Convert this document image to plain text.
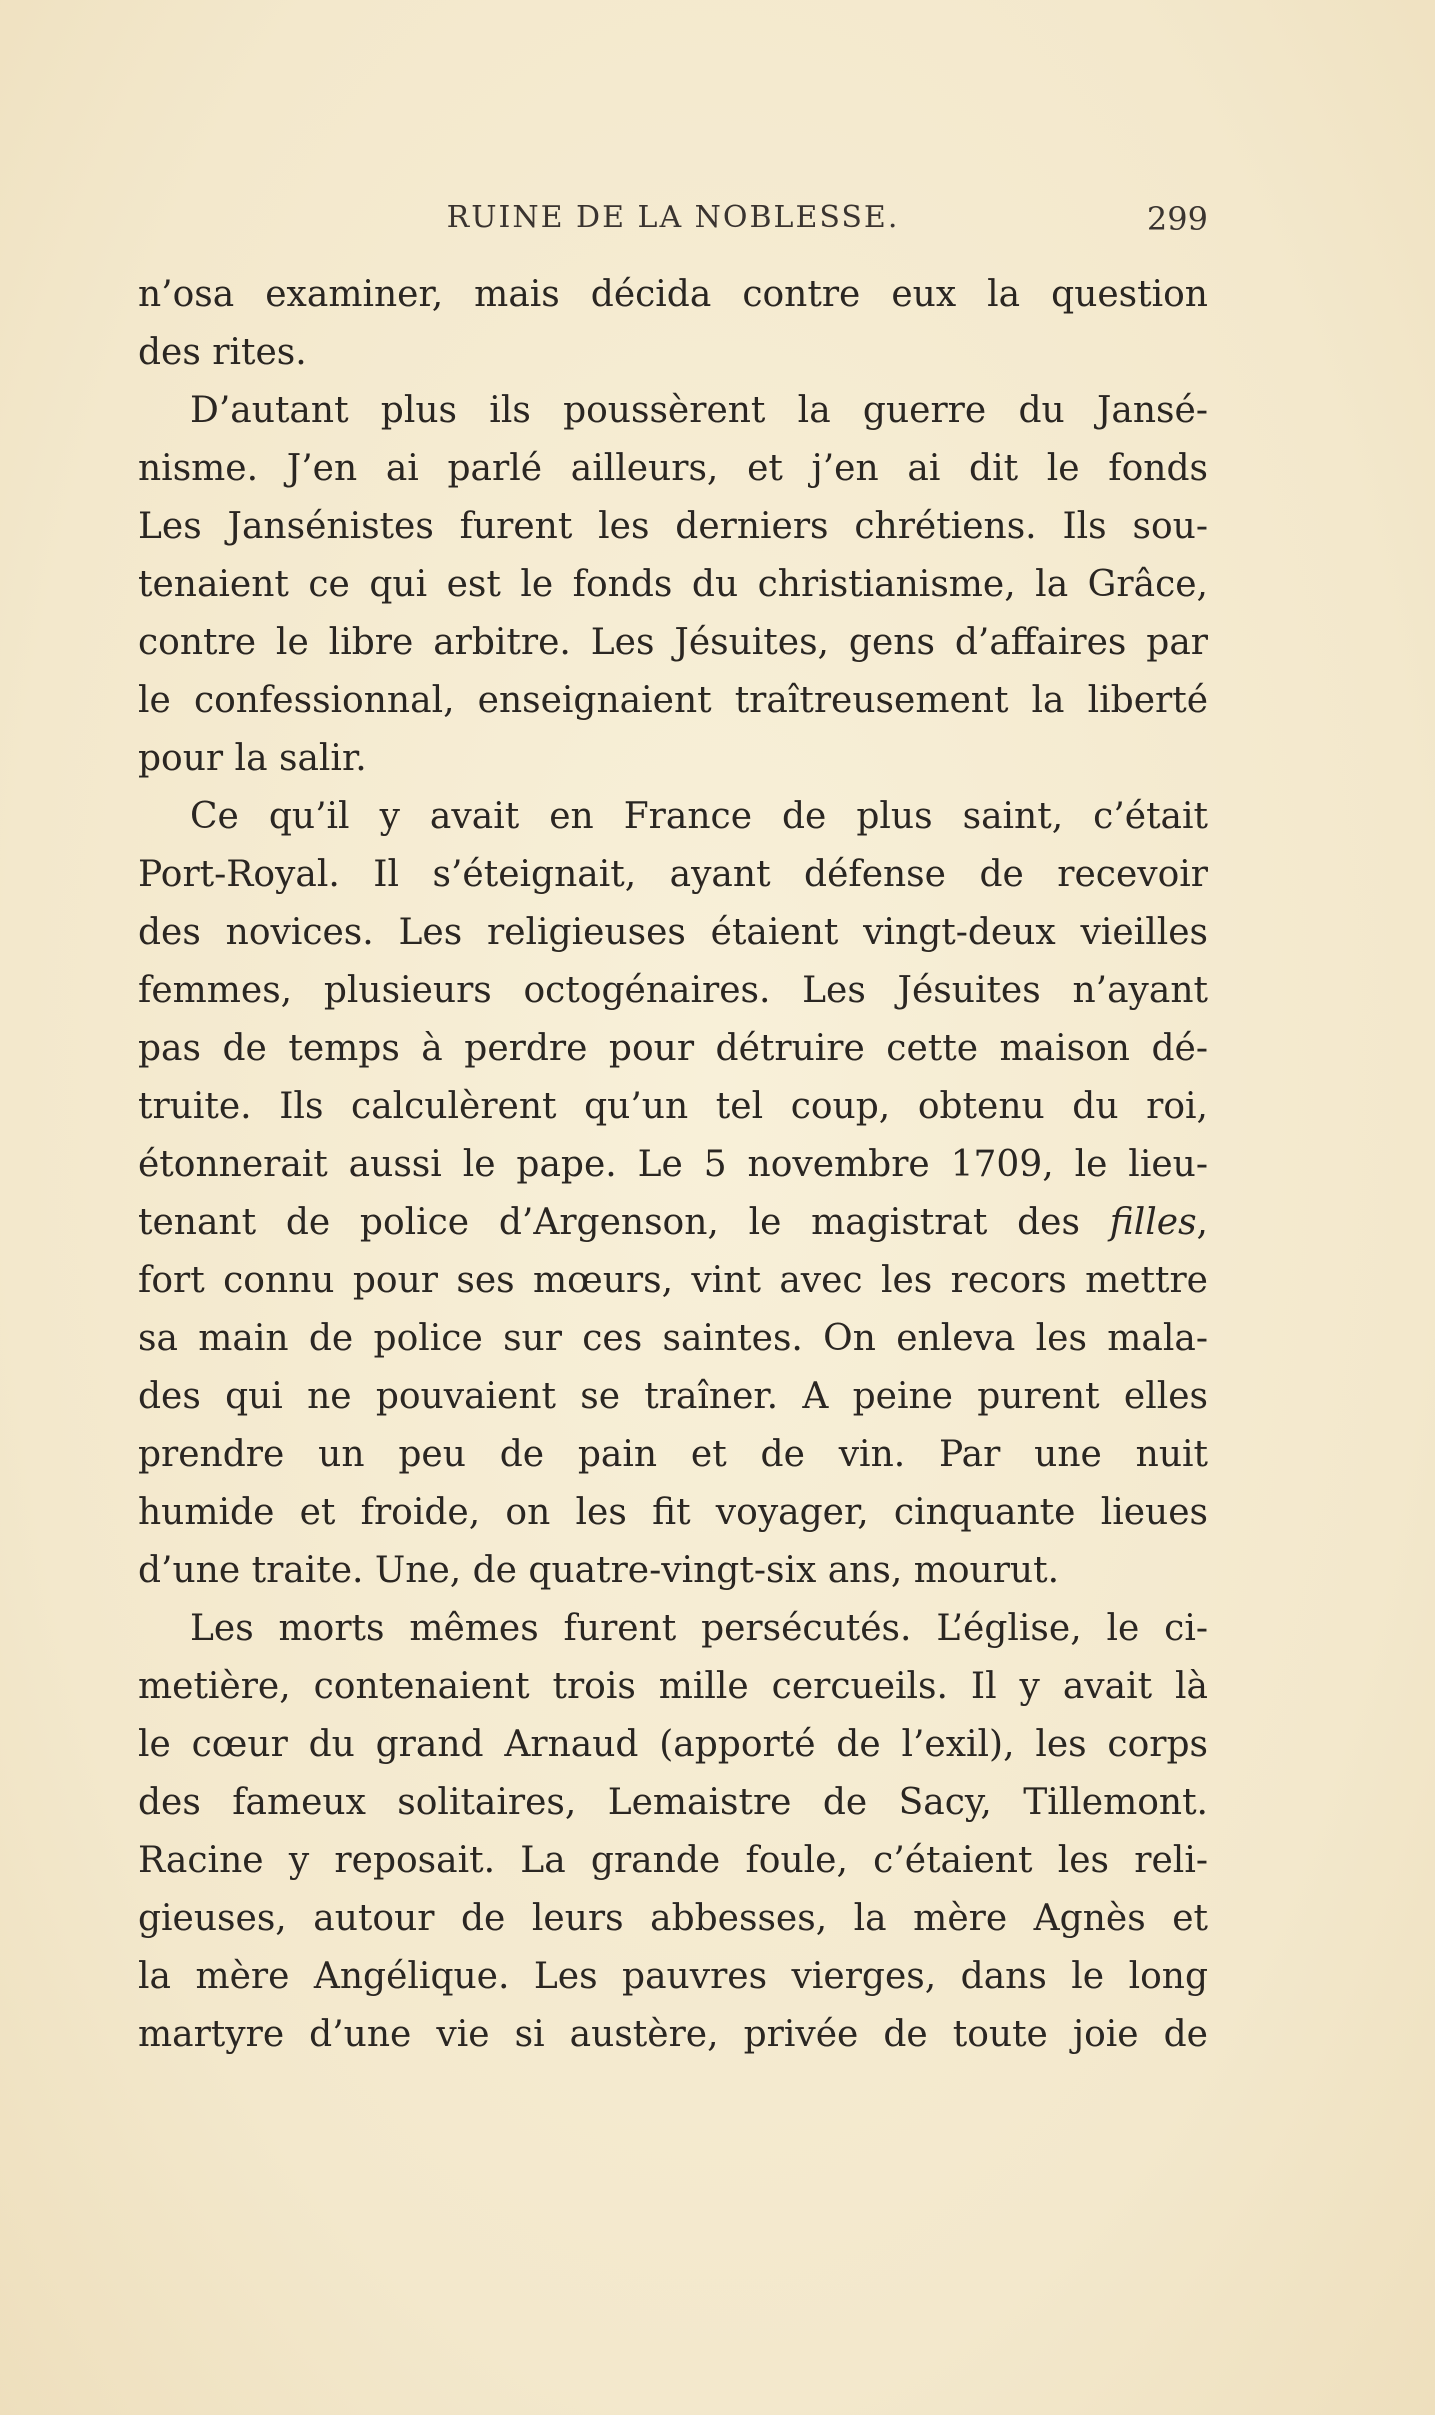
RUINE DE LA NOBLESSE.	299
n’osa examiner, mais décida contre eux la question
des rites.
D’autant plus ils poussèrent la guerre du Jansé-
nisme. J’en ai parlé ailleurs, et j’en ai dit le fonds
Les Jansénistes furent les derniers chrétiens. Ils sou-
tenaient ce qui est le fonds du christianisme, la Grâce,
contre le libre arbitre. Les Jésuites, gens d’affaires par
le confessionnal, enseignaient traîtreusement la liberté
pour la salir.
Ce qu’il y avait en France de plus saint, c’était
Port-Royal. Il s’éteignait, ayant défense de recevoir
des novices. Les religieuses étaient vingt-deux vieilles
femmes, plusieurs octogénaires. Les Jésuites n’ayant
pas de temps à perdre pour détruire cette maison dé-
truite. Ils calculèrent qu’un tel coup, obtenu du roi,
étonnerait aussi le pape. Le 5 novembre 1709, le lieu-
tenant de police d’Argenson, le magistrat des filles,
fort connu pour ses mœurs, vint avec les recors mettre
sa main de police sur ces saintes. On enleva les mala-
des qui ne pouvaient se traîner. A peine purent elles
prendre un peu de pain et de vin. Par une nuit
humide et froide, on les fit voyager, cinquante lieues
d’une traite. Une, de quatre-vingt-six ans, mourut.
Les morts mêmes furent persécutés. L’église, le ci-
metière, contenaient trois mille cercueils. Il y avait là
le cœur du grand Arnaud (apporté de l’exil), les corps
des fameux solitaires, Lemaistre de Sacy, Tillemont.
Racine y reposait. La grande foule, c’étaient les reli-
gieuses, autour de leurs abbesses, la mère Agnès et
la mère Angélique. Les pauvres vierges, dans le long
martyre d’une vie si austère, privée de toute joie de
